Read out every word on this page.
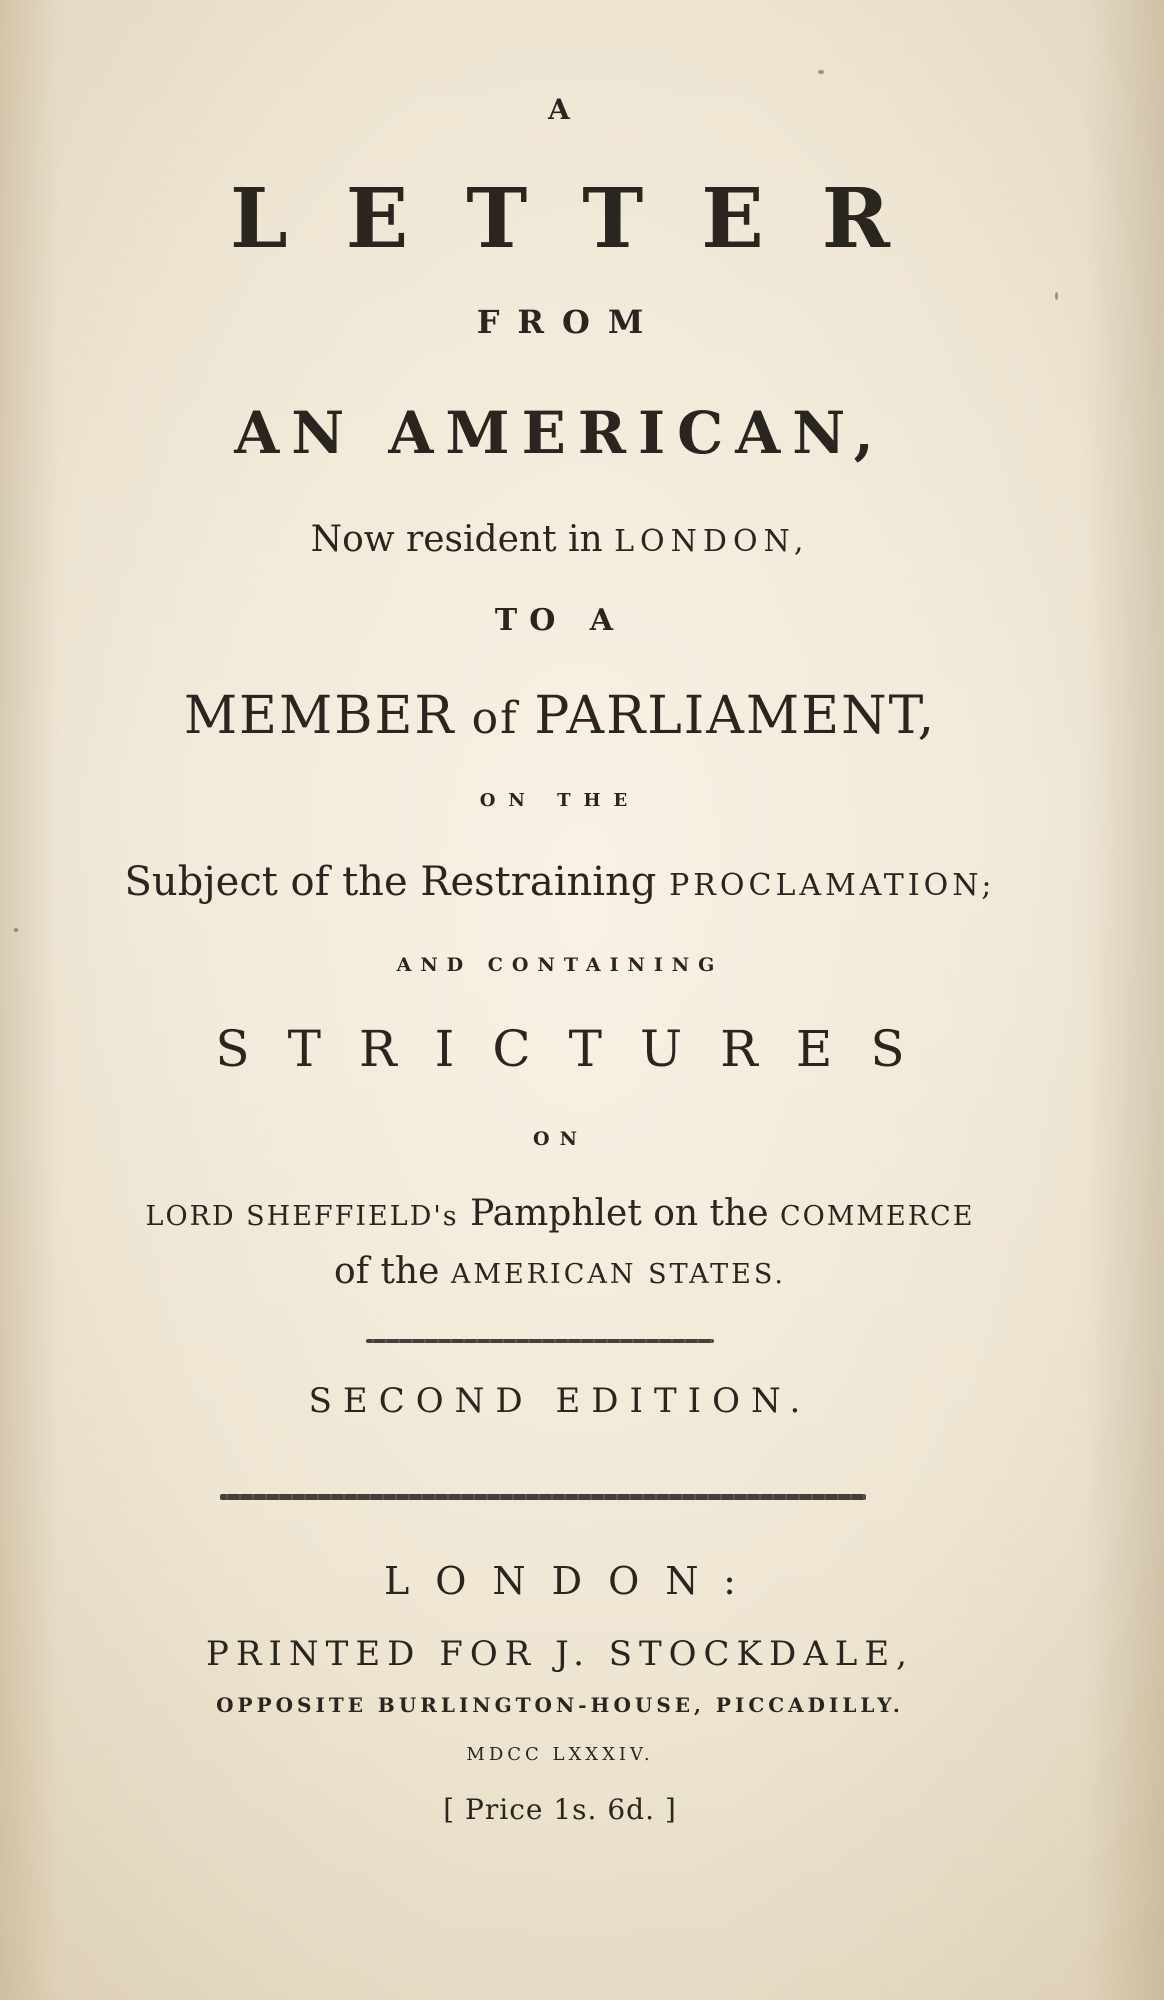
A
LETTER
FROM
AN AMERICAN,
Now resident in LONDON,
TO A
MEMBER of PARLIAMENT,
ON THE
Subject of the Restraining PROCLAMATION;
AND CONTAINING
STRICTURES
ON
LORD SHEFFIELD's Pamphlet on the COMMERCE
of the AMERICAN STATES.
SECOND EDITION.
LONDON:
PRINTED FOR J. STOCKDALE,
OPPOSITE BURLINGTON-HOUSE, PICCADILLY.
MDCC LXXXIV.
[ Price 1s. 6d. ]
